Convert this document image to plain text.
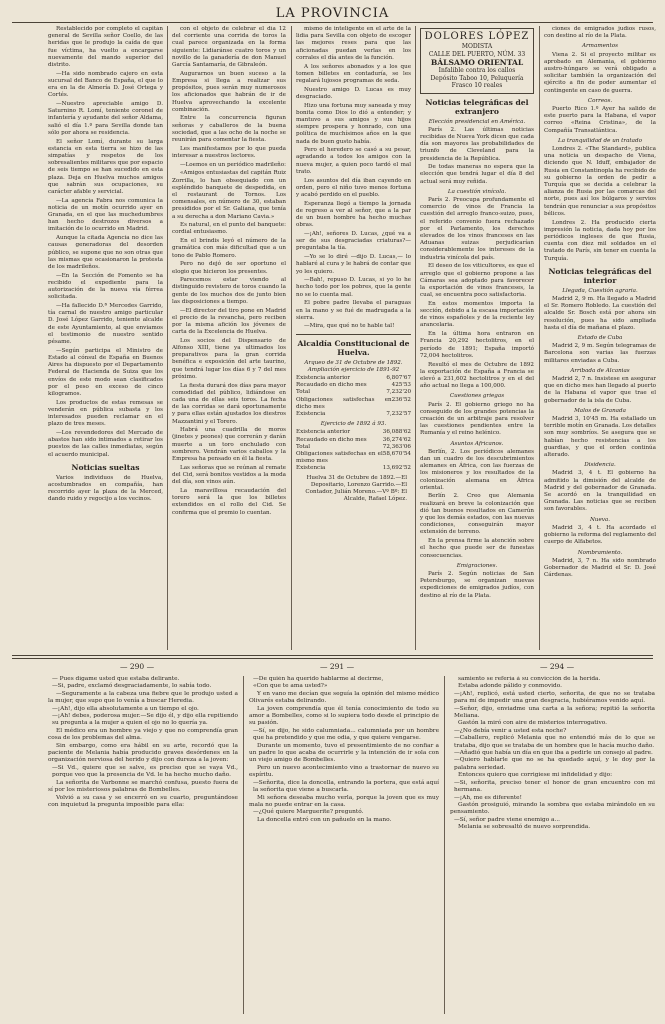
LA PROVINCIA

Restablecido por completo el capitán general de Sevilla señor Coello, de las heridas que le produjo la caída de que fue víctima, ha vuelto a encargarse nuevamente del mando superior del distrito.

—Ha sido nombrado cajero en esta sucursal del Banco de España, el que lo era en la de Almería D. José Ortega y Cortés.

—Nuestro apreciable amigo D. Saturnino R. Lomí, teniente coronel de infantería y ayudante del señor Aldama, salió el día 1.º para Sevilla donde tan sólo por ahora se residencia.

El señor Lomí, durante su larga estancia en esta tierra se hizo de las simpatías y respetos de los sobresalientes militares que por espacio de seis tiempo se han sucedido en esta plaza. Deja en Huelva muchos amigos que sabrán sus ocupaciones, su carácter afable y servicial.

—La agencia Fabra nos comunica la noticia de un motín ocurrido ayer en Granada, en el que las muchedumbres han hecho destrozos diversos a imitación de lo ocurrido en Madrid.

Aunque la citada Agencia no dice las causas generadoras del desorden público, se supone que no son otras que las mismas que ocasionaron la protesta de los madrileños.

—En la Sección de Fomento se ha recibido el expediente para la autorización de la nueva vía férrea solicitada.

—Ha fallecido D.ª Mercedes Garrido, tía carnal de nuestro amigo particular D. José López Garrido, teniente alcalde de este Ayuntamiento, al que enviamos el testimonio de nuestro sentido pésame.

—Según participa el Ministro de Estado al cónsul de España en Buenos Aires ha dispuesto por el Departamento Federal de Hacienda de Suiza que los envíos de este modo sean clasificados por el peso en exceso de cinco kilogramos.

Los productos de estas remesas se venderán en pública subasta y los interesados pueden reclamar en el plazo de tres meses.

—Los revendedores del Mercado de abastos han sido intimados a retirar los puestos de las calles inmediatas, según el acuerdo municipal.

Noticias sueltas

Varios individuos de Huelva, acostumbrados en compañía, han recorrido ayer la plaza de la Merced, dando ruido y regocijo a los vecinos.

con el objeto de celebrar el día 12 del corriente una corrida de toros la cual parece organizada en la forma siguiente: Lidiaránse cuatro toros y un novillo de la ganadería de don Manuel García Santamaría, de Gibraleón.

Augurarnos un buen suceso a la Empresa si llega a realizar sus propósitos, pues serán muy numerosos los aficionados que habrán de ir de Huelva aprovechando la excelente combinación.

Entre la concurrencia figuran señoras y caballeros de la buena sociedad, que a las ocho de la noche se reunirán para comentar la fiesta.

Les manifestamos por lo que pueda interesar a nuestros lectores.

—Loemos en un periódico madrileño:

«Amigos entusiastas del capitán Ruiz Zorrilla, lo han obsequiado con un espléndido banquete de despedida, en el restaurant de Tornos. Los comensales, en número de 30, estaban presididos por el Sr. Galiana, que tenía a su derecha a don Mariano Cavia.»

Es natural, en el punto del banquete: cordial entusiasmo.

En el brindis leyó el número de la gramática con más dificultad que a un tono de Pablo Romero.

Pero no dejó de ser oportuno el elogio que hicieron los presentes.

Parecemos estar viendo al distinguido revistero de toros cuando la gente de los muchos dos de junto bien las disposiciones a tiempo.

—El director del tiro pone en Madrid el precio de la revancha, pero reciben por la misma afición los jóvenes de carta de la Excelencia de Huelva.

Los socios del Dispensario de Alfonso XIII, tiene ya ultimados los preparativos para la gran corrida benéfica e exposición del arte taurino, que tendrá lugar los días 6 y 7 del mes próximo.

La fiesta durará dos días para mayor comodidad del público, lidiándose en cada una de ellas seis toros. La fecha de las corridas se dará oportunamente y para ellas están ajustados los diestros Mazzantini y el Torero.

Habrá una cuadrilla de moros (jinetes y peones) que correrán y darán muerte a un toro enchulado con sombrero. Vendrán varios caballos y la Empresa ha pensado en él la fiesta.

Las señoras que se reúnan al remate del Cid, será bonitos vestidos a la moda del día, son vinos aún.

La maravillosa recaudación del torero será la que los billetes extendidos en el rollo del Cid. Se confirma que el premio lo cuentan.

mismo de inteligente en el arte de la lidia para Sevilla con objeto de escoger las mejores reses para que las aficionadas puedan verlas en los corrales el día antes de la función.

A los señores abonados y a los que tomen billetes en contaduría, se les regalará lujosos programas de seda.

Nuestro amigo D. Lucas es muy desgraciado.

Hizo una fortuna muy saneada y muy bonita como Dios lo dió a entender; y mantuvo a sus amigos y sus hijos siempre prospera y honrado, con una política de muchísimos años en la que nada de buen gusto había.

Pero el heredero se casó a su pesar, agradando a todos los amigos con la nueva mujer, a quien poco tardó el mal trato.

Los asuntos del día iban cayendo en orden, pero el niño tuvo menos fortuna y acabó perdido en el pueblo.

Esperanza llegó a tiempo la jornada de regreso a ver al señor, que a la par de un buen hombre ha hecho muchas obras.

—¡Ah!, señores D. Lucas, ¿qué va a ser de sus desgraciadas criaturas?—preguntaba la tía.

—Yo se lo diré —dijo D. Lucas,— lo hablaré al cura y le habrá de contar que yo les quiero.

—Bah!, repuso D. Lucas, si yo lo he hecho todo por los pobres, que la gente no se lo cuenta mal.

El pobre padre llevaba el paraguas en la mano y se fué de madrugada a la sierra.

—Mira, que qué no te hable tal!

Alcaldía Constitucional de Huelva.
Arqueo de 31 de Octubre de 1892. Ampliación ejercicio de 1891-92
Existencia anterior	6,807'67
Recaudado en dicho mes	425'53
Total	7,232'20
Obligaciones satisfechas en dicho mes
236'52
Existencia	7,232'57
Ejercicio de 1892 á 93.
Existencia anterior	36,088'62
Recaudado en dicho mes	36,274'62
Total	72,363'06
Obligaciones satisfechas en el mismo mes
58,670'54
Existencia	13,692'52

Huelva 31 de Octubre de 1892.—El Depositario, Lorenzo Garrido.—El Contador, Julián Moreno.—Vº Bº: El Alcalde, Rafael López.

DOLORES LÓPEZ
MODISTA
CALLE DEL PUERTO, NÚM. 33
BÁLSAMO ORIENTAL
Infalible contra los callos
Depósito Taboo 10, Peluquería
Frasco 10 reales
Noticias telegráficas del extranjero
Elección presidencial en América.

París 2. Las últimas noticias recibidas de Nueva York dicen que cada día son mayores las probabilidades de triunfo de Cleveland para la presidencia de la República.

De todas maneras no espera que la elección que tendrá lugar el día 8 del actual será muy reñida.

La cuestión vinícola.

París 2. Preocupa profundamente el comercio de vinos de Francia la cuestión del arreglo franco-suizo, pues, el referido convenio fuera rechazado por el Parlamento, los derechos elevados de los vinos franceses en las Aduanas suizas perjudicarían considerablemente los intereses de la industria vinícola del país.

El deseo de los viticultores, es que el arreglo que el gobierno propone a las Cámaras sea adoptado para favorecer la exportación de vinos franceses, la cual, se encuentra poco satisfactoria.

En estos momentos importa la sección, debido a la escasa importación de vinos españoles y de la reciente ley arancelaria.

En la última hora entraron en Francia 20,292 hectolitros, en el período de 1891; España importó 72,004 hectolitros.

Resultó el mes de Octubre de 1892 la exportación de España a Francia se elevó a 231,602 hectolitros y en el del año actual no llega a 100,000.

Cuestiones griegas

París 2. El gobierno griego no ha conseguido de los grandes potencias la creación de un arbitraje para resolver las cuestiones pendientes entre la Rumanía y el reino helénico.

Asuntos Africanos.

Berlín, 2. Los periódicos alemanes dan un cuadro de los descubrimientos alemanes en África, con las fuerzas de los misioneros y los resultados de la colonización alemana en África oriental.

Berlín 2. Creo que Alemania realizará en breve la colonización que dió tan buenos resultados en Camerún y que los demás estados, con las nuevas condiciones, conseguirán mayor extensión de terreno.

En la prensa firme la atención sobre el hecho que puede ser de funestas consecuencias.

Emigraciones.

París 2. Según noticias de San Petersburgo, se organizan nuevas expediciones de emigrados judíos, con destino al río de la Plata.

ciones de emigrados judíos rusos, con destino al río de la Plata.

Armamentos

Viena 2. Si el proyecto militar es aprobado en Alemania, el gobierno austro-húngaro se verá obligado a solicitar también la organización del ejército a fin de poder aumentar el contingente en caso de guerra.

Correos.

Puerto Rico 1.º Ayer ha salido de este puerto para la Habana, el vapor correo «Reina Cristina», de la Compañía Transatlántica.

La tranquilidad de un tratado

Londres 2. «The Standard», publica una noticia un despacho de Viena, diciendo que N. Iduff, embajador de Rusia en Constantinopla ha recibido de su gobierno la orden de pedir a Turquía que se decida a celebrar la alianza de Rusia por las comarcas del norte, pues así los búlgaros y servios tendrán que renunciar a sus propósitos bélicos.

Londres 2. Ha producido cierta impresión la noticia, dada hoy por los periódicos ingleses de que Rusia, cuenta con diez mil soldados en el tratado de París, sin tener en cuenta la Turquía.

Noticias telegráficas del interior
Llegada, Cuestión agraria.

Madrid 2, 9 m. Ha llegado a Madrid el Sr. Romero Robledo. La cuestión del alcalde Sr. Bosch está por ahora sin resolución, pues ha sido ampliada hasta el día de mañana el plazo.

Estado de Cuba

Madrid 2, 9 m. Según telegramas de Barcelona son varias las fuerzas militares enviadas a Cuba.

Arribada de Alcanias

Madrid 2, 7 n. Insistese en asegurar que en dicho mes han llegado al puerto de la Habana el vapor que trae el gobernador de la isla de Cuba.

Malos de Granada

Madrid 3, 10'45 m. Ha estallado un terrible motín en Granada. Los detalles son muy sombríos. Se asegura que se habían hecho resistencias a los guardias, y que el orden continúa alterado.

Disidencia.

Madrid 3, 4 t. El gobierno ha admitido la dimisión del alcalde de Madrid y del gobernador de Granada. Se acordó en la tranquilidad en Granada. Las noticias que se reciben son favorables.

Nueva.

Madrid 3, 4 t. Ha acordado el gobierno la reforma del reglamento del cuerpo de Alfabetos.

Nombramiento.

Madrid, 3, 7 n. Ha sido nombrado Gobernador de Madrid el Sr. D. José Cárdenas.

— 290 —	— 291 —	— 294 —

— Pues dígame usted que estaba delirante.

—Si, padre, exclamó desgraciadamente, lo sabía todo.

—Seguramente a la cabeza una fiebre que le produjo usted a la mujer, que supo que lo venía a buscar Heredia.

—¡Ah!, dijo ella absolutamente a un tiempo el ojo.

—¡Ah! debes, poderosa mujer.—Se dijo él, y dijo ella repitiendo su pregunta a la mujer a quien el ojo no lo quería ya.

El médico era un hombre ya viejo y que no comprendía gran cosa de los problemas del alma.

Sin embargo, como era hábil en su arte, recordó que la paciente de Melania había producido graves desórdenes en la organización nerviosa del herido y dijo con dureza a la joven:

—Si Vd., quiere que se salve, es preciso que se vaya Vd., porque veo que la presencia de Vd. le ha hecho mucho daño.

La señorita de Varbonne se marchó confusa, puesto fuera de sí por los misteriosos palabras de Bombelles.

Volvió a su casa y se encerró en su cuarto, preguntándose con inquietud la pregunta imposible para ella:

—De quién ha querido hablarme al decirme,

«Con que te ama usted?»

Y en vano me decían que seguía la opinión del mismo médico Olivarés estaba delirando.

La joven comprendía que él tenía conocimiento de todo su amor a Bombelles, como si lo supiera todo desde el principio de su pasión.

—Sí, se dijo, he sido calumniada... calumniada por un hombre que ha pretendido y que me odia, y que quiere vengarse.

Durante un momento, tuvo el presentimiento de no confiar a un padre lo que acaba de ocurrirle y la intención de ir sola con un viejo amigo de Bombelles.

Pero un nuevo acontecimiento vino a trastornar de nuevo su espíritu.

—Señorita, dice la doncella, entrando la portera, que está aquí la señorita que viene a buscarla.

Mi señora deseaba mucho verla, porque la joven que es muy mala no puede entrar en la casa.

—¿Qué quiere Marguerite? preguntó.

La doncella entró con un pañuelo en la mano.

samiento se refería á su convicción de la herida.

Estaba adonde pálido y conmovido.

—¡Ah!, replicó, está usted cierto, señorita, de que no se trataba para mí de impedir una gran desgracia, hubiéramos venido aquí.

—Señor, dijo, enviadme una carta a la señora; repitió la señorita Meliana.

Gastón la miró con aire de misterios interrogativo.

—¿No debía venir a usted esta noche?

—Caballero, replicó Melania que no entendió más de lo que se trataba, dijo que se trataba de un hombre que le hacía mucho daño.

—Añadió que había un día en que iba a pedirle un consejo al padre.

—Quiero hablarle que no se ha quedado aquí, y le doy por la palabra seriedad.

Entonces quiero que corrigiese mi infidelidad y dijo:

—Si, señorita, preciso tener el honor de gran encuentro con mi hermana.

—¡Ah, me es diferente!

Gastón prosiguió, mirando la sombra que estaba mirándolo en su pensamiento.

—Sí, señor padre viene enemigo a...

Melania se sobresaltó de nuevo sorprendida.
